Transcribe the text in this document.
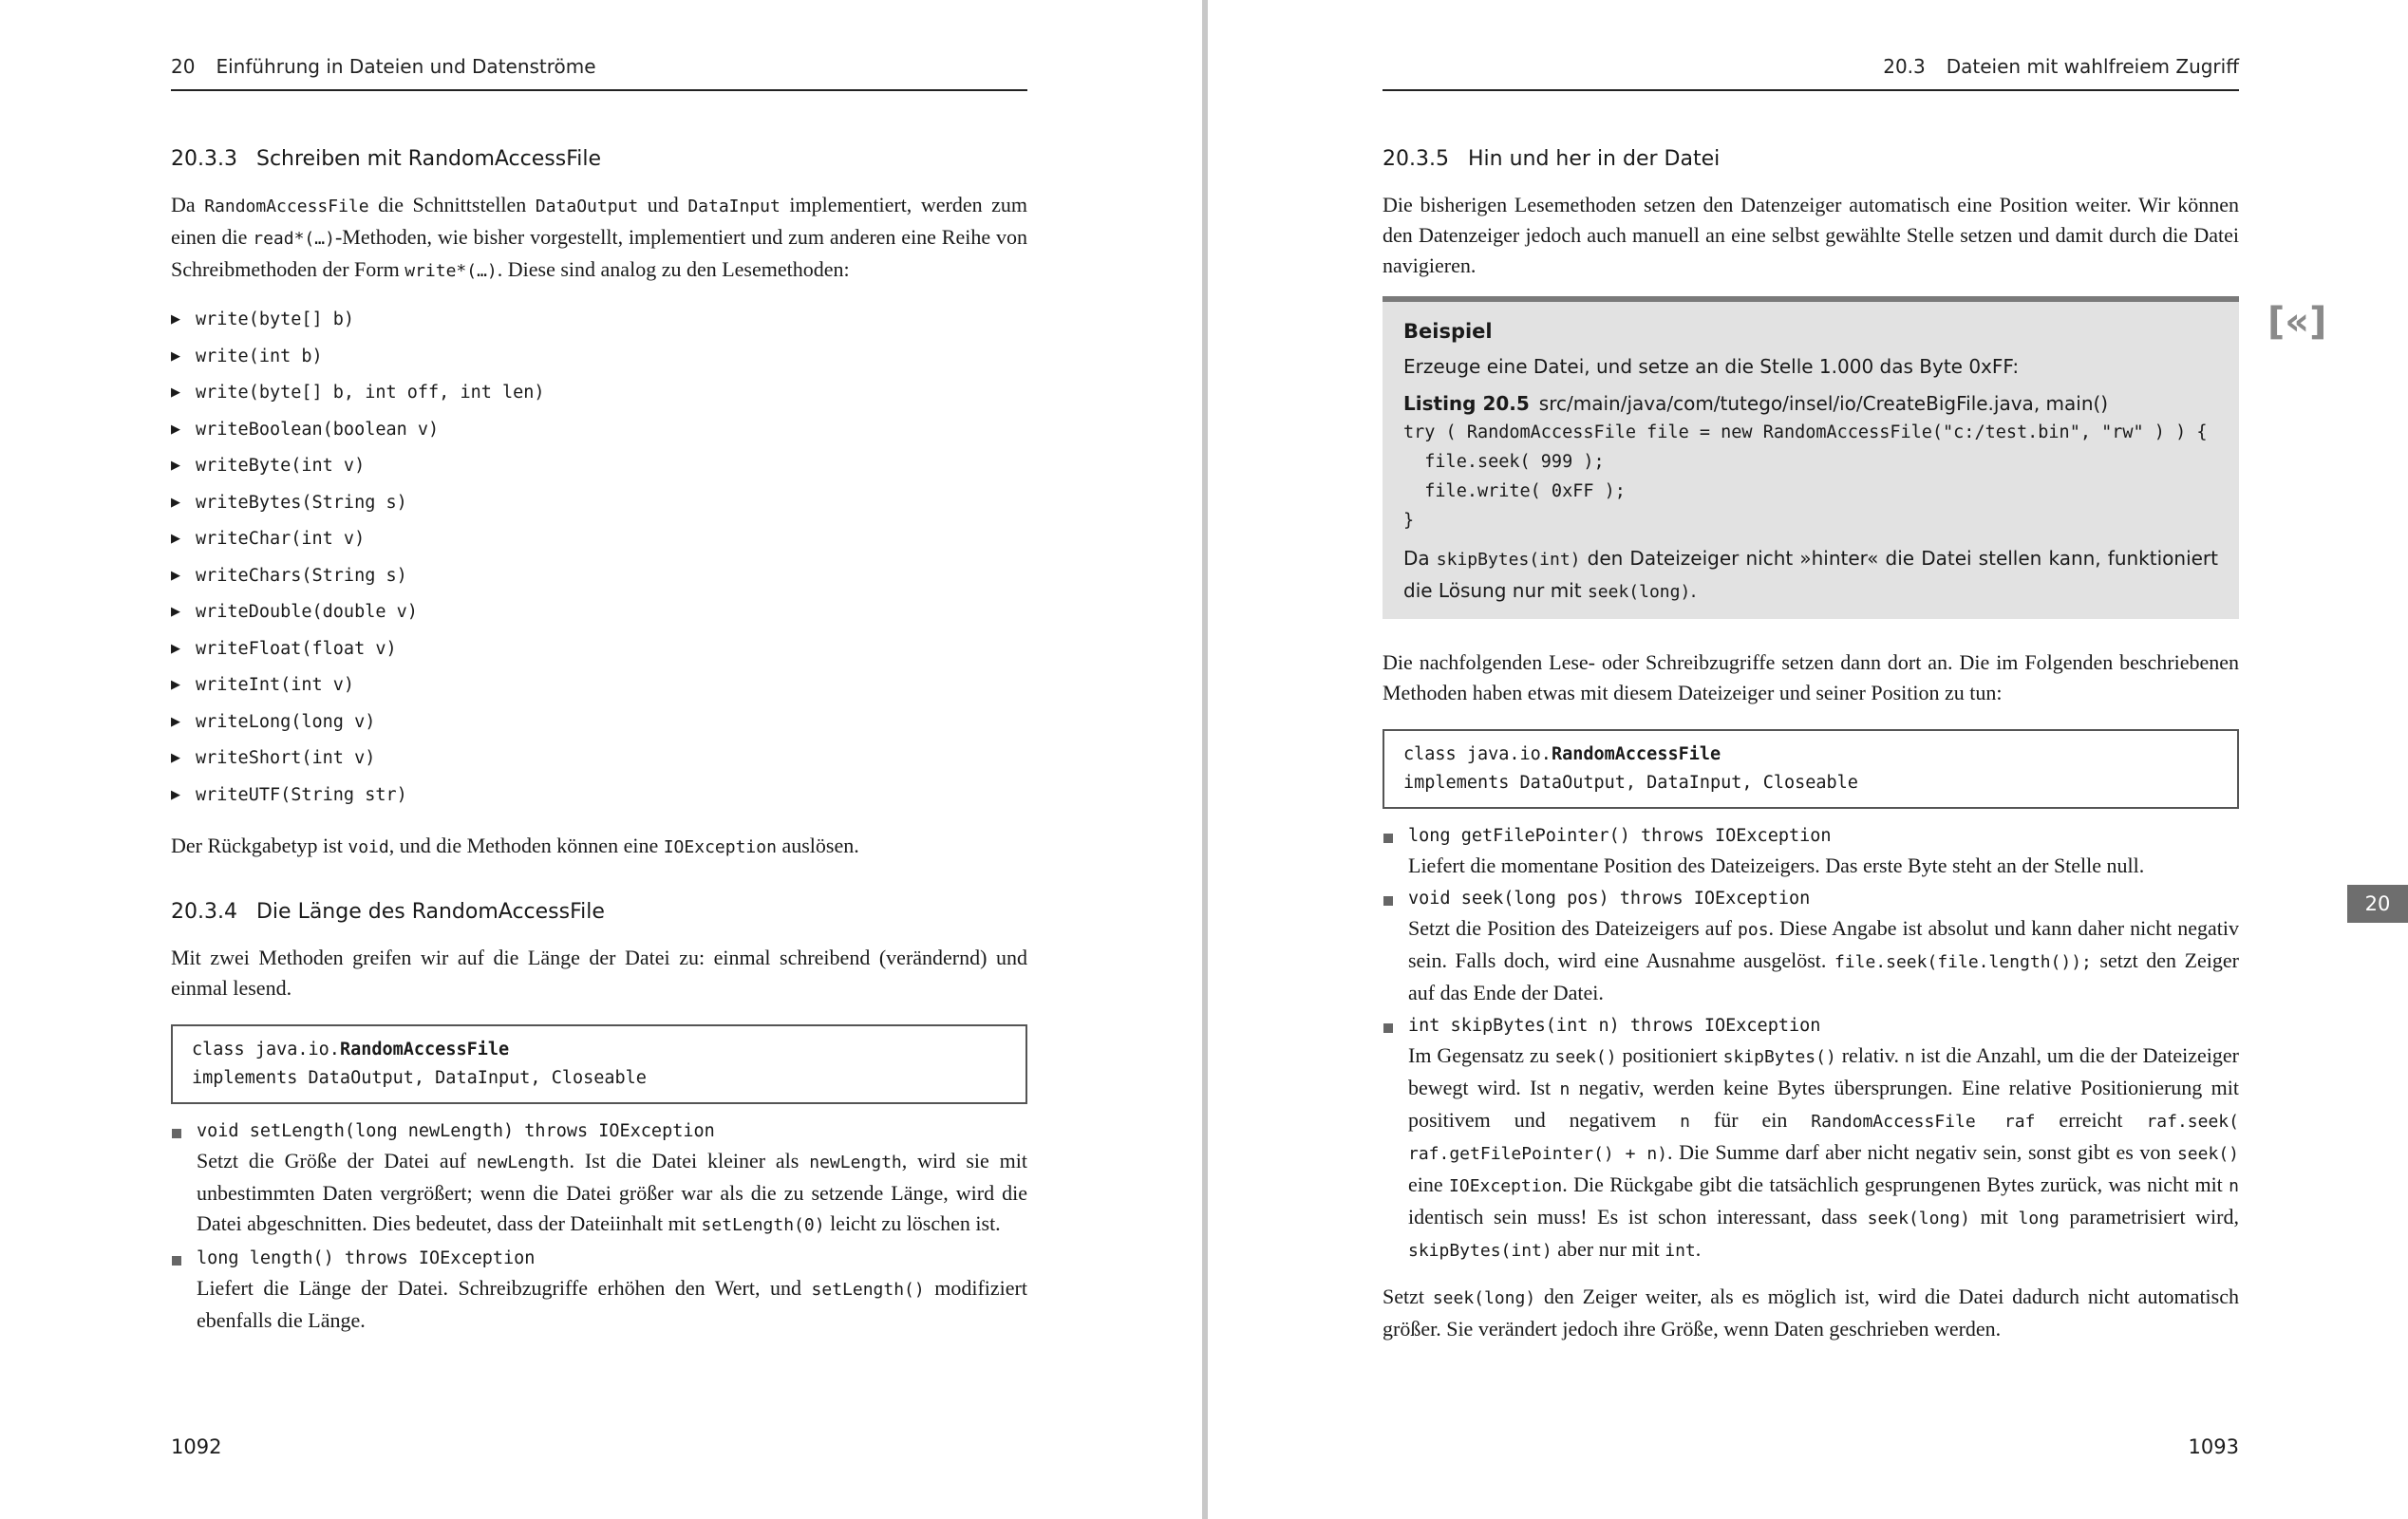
20 Einführung in Dateien und Datenströme
20.3.3 Schreiben mit RandomAccessFile

Da RandomAccessFile die Schnittstellen DataOutput und DataInput implementiert, werden zum einen die read*(…)-Methoden, wie bisher vorgestellt, implementiert und zum anderen eine Reihe von Schreibmethoden der Form write*(…). Diese sind analog zu den Lesemethoden:

▶ write(byte[] b)
▶ write(int b)
▶ write(byte[] b, int off, int len)
▶ writeBoolean(boolean v)
▶ writeByte(int v)
▶ writeBytes(String s)
▶ writeChar(int v)
▶ writeChars(String s)
▶ writeDouble(double v)
▶ writeFloat(float v)
▶ writeInt(int v)
▶ writeLong(long v)
▶ writeShort(int v)
▶ writeUTF(String str)

Der Rückgabetyp ist void, und die Methoden können eine IOException auslösen.

20.3.4 Die Länge des RandomAccessFile

Mit zwei Methoden greifen wir auf die Länge der Datei zu: einmal schreibend (verändernd) und einmal lesend.

class java.io.RandomAccessFile
implements DataOutput, DataInput, Closeable
void setLength(long newLength) throws IOException
Setzt die Größe der Datei auf newLength. Ist die Datei kleiner als newLength, wird sie mit unbestimmten Daten vergrößert; wenn die Datei größer war als die zu setzende Länge, wird die Datei abgeschnitten. Dies bedeutet, dass der Dateiinhalt mit setLength(0) leicht zu löschen ist.
long length() throws IOException
Liefert die Länge der Datei. Schreibzugriffe erhöhen den Wert, und setLength() modifiziert ebenfalls die Länge.
1092
20.3 Dateien mit wahlfreiem Zugriff
20.3.5 Hin und her in der Datei

Die bisherigen Lesemethoden setzen den Datenzeiger automatisch eine Position weiter. Wir können den Datenzeiger jedoch auch manuell an eine selbst gewählte Stelle setzen und damit durch die Datei navigieren.

Beispiel
Erzeuge eine Datei, und setze an die Stelle 1.000 das Byte 0xFF:
Listing 20.5 src/main/java/com/tutego/insel/io/CreateBigFile.java, main()
try ( RandomAccessFile file = new RandomAccessFile("c:/test.bin", "rw" ) ) {
file.seek( 999 );
file.write( 0xFF );
}

Da skipBytes(int) den Dateizeiger nicht »hinter« die Datei stellen kann, funktioniert die Lösung nur mit seek(long).

Die nachfolgenden Lese- oder Schreibzugriffe setzen dann dort an. Die im Folgenden beschriebenen Methoden haben etwas mit diesem Dateizeiger und seiner Position zu tun:

class java.io.RandomAccessFile
implements DataOutput, DataInput, Closeable
long getFilePointer() throws IOException
Liefert die momentane Position des Dateizeigers. Das erste Byte steht an der Stelle null.
void seek(long pos) throws IOException
Setzt die Position des Dateizeigers auf pos. Diese Angabe ist absolut und kann daher nicht negativ sein. Falls doch, wird eine Ausnahme ausgelöst. file.seek(file.length()); setzt den Zeiger auf das Ende der Datei.
int skipBytes(int n) throws IOException
Im Gegensatz zu seek() positioniert skipBytes() relativ. n ist die Anzahl, um die der Dateizeiger bewegt wird. Ist n negativ, werden keine Bytes übersprungen. Eine relative Positionierung mit positivem und negativem n für ein RandomAccessFile raf erreicht raf.seek( raf.getFilePointer() + n). Die Summe darf aber nicht negativ sein, sonst gibt es von seek() eine IOException. Die Rückgabe gibt die tatsächlich gesprungenen Bytes zurück, was nicht mit n identisch sein muss! Es ist schon interessant, dass seek(long) mit long parametrisiert wird, skipBytes(int) aber nur mit int.

Setzt seek(long) den Zeiger weiter, als es möglich ist, wird die Datei dadurch nicht automatisch größer. Sie verändert jedoch ihre Größe, wenn Daten geschrieben werden.

1093
[«]
20
